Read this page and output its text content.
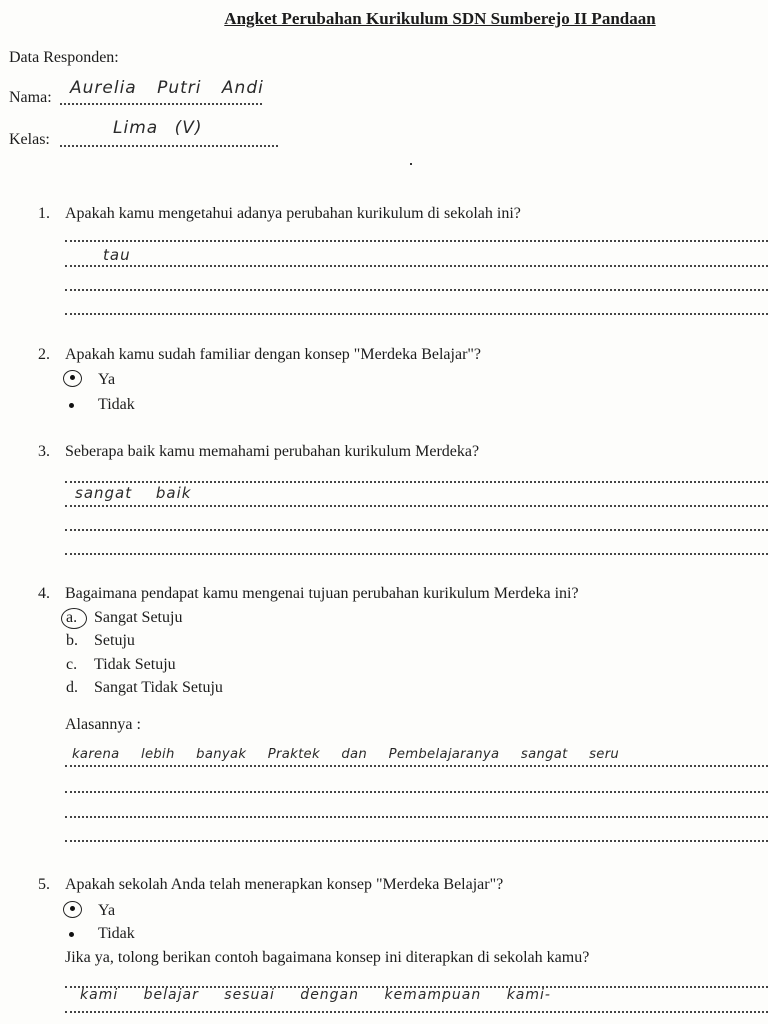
Angket Perubahan Kurikulum SDN Sumberejo II Pandaan
Data Responden:
Nama: Aurelia Putri Andi
Kelas:
Lima (V)
1. Apakah kamu mengetahui adanya perubahan kurikulum di sekolah ini?
tau
2. Apakah kamu sudah familiar dengan konsep "Merdeka Belajar"?
Ya
Tidak
3. Seberapa baik kamu memahami perubahan kurikulum Merdeka?
sangat baik
4. Bagaimana pendapat kamu mengenai tujuan perubahan kurikulum Merdeka ini?
a. Sangat Setuju
b. Setuju
c. Tidak Setuju
d. Sangat Tidak Setuju
Alasannya :
karena lebih banyak Praktek dan Pembelajaranya sangat seru
5. Apakah sekolah Anda telah menerapkan konsep "Merdeka Belajar"?
Ya
Tidak
Jika ya, tolong berikan contoh bagaimana konsep ini diterapkan di sekolah kamu?
kami belajar sesuai dengan kemampuan kami-
